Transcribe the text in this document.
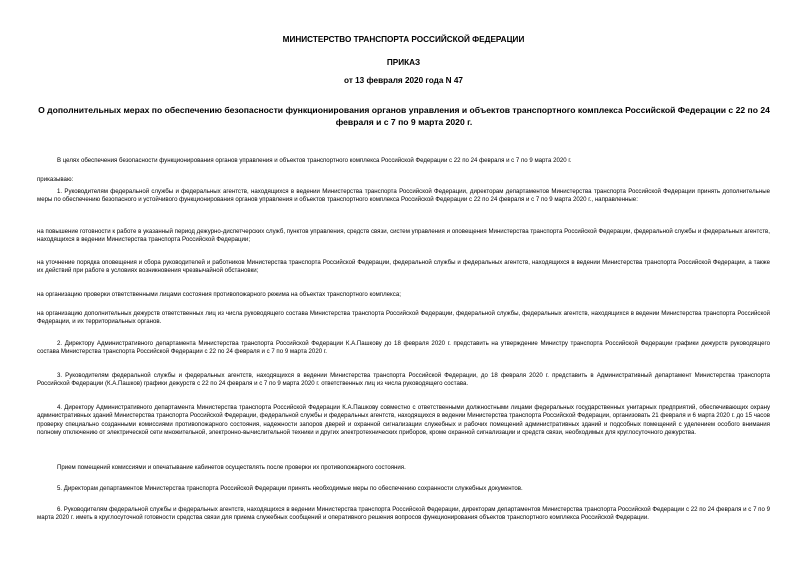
МИНИСТЕРСТВО ТРАНСПОРТА РОССИЙСКОЙ ФЕДЕРАЦИИ
ПРИКАЗ
от 13 февраля 2020 года N 47
О дополнительных мерах по обеспечению безопасности функционирования органов управления и объектов транспортного комплекса Российской Федерации с 22 по 24 февраля и с 7 по 9 марта 2020 г.
В целях обеспечения безопасности функционирования органов управления и объектов транспортного комплекса Российской Федерации с 22 по 24 февраля и с 7 по 9 марта 2020 г.
приказываю:
1. Руководителям федеральной службы и федеральных агентств, находящихся в ведении Министерства транспорта Российской Федерации, директорам департаментов Министерства транспорта Российской Федерации принять дополнительные меры по обеспечению безопасного и устойчивого функционирования органов управления и объектов транспортного комплекса Российской Федерации с 22 по 24 февраля и с 7 по 9 марта 2020 г., направленные:
на повышение готовности к работе в указанный период дежурно-диспетчерских служб, пунктов управления, средств связи, систем управления и оповещения Министерства транспорта Российской Федерации, федеральной службы и федеральных агентств, находящихся в ведении Министерства транспорта Российской Федерации;
на уточнение порядка оповещения и сбора руководителей и работников Министерства транспорта Российской Федерации, федеральной службы и федеральных агентств, находящихся в ведении Министерства транспорта Российской Федерации, а также их действий при работе в условиях возникновения чрезвычайной обстановки;
на организацию проверки ответственными лицами состояния противопожарного режима на объектах транспортного комплекса;
на организацию дополнительных дежурств ответственных лиц из числа руководящего состава Министерства транспорта Российской Федерации, федеральной службы, федеральных агентств, находящихся в ведении Министерства транспорта Российской Федерации, и их территориальных органов.
2. Директору Административного департамента Министерства транспорта Российской Федерации К.А.Пашкову до 18 февраля 2020 г. представить на утверждение Министру транспорта Российской Федерации графики дежурств руководящего состава Министерства транспорта Российской Федерации с 22 по 24 февраля и с 7 по 9 марта 2020 г.
3. Руководителям федеральной службы и федеральных агентств, находящихся в ведении Министерства транспорта Российской Федерации, до 18 февраля 2020 г. представить в Административный департамент Министерства транспорта Российской Федерации (К.А.Пашков) графики дежурств с 22 по 24 февраля и с 7 по 9 марта 2020 г. ответственных лиц из числа руководящего состава.
4. Директору Административного департамента Министерства транспорта Российской Федерации К.А.Пашкову совместно с ответственными должностными лицами федеральных государственных унитарных предприятий, обеспечивающих охрану административных зданий Министерства транспорта Российской Федерации, федеральной службы и федеральных агентств, находящихся в ведении Министерства транспорта Российской Федерации, организовать 21 февраля и 6 марта 2020 г. до 15 часов проверку специально созданными комиссиями противопожарного состояния, надежности запоров дверей и охранной сигнализации служебных и рабочих помещений административных зданий и подсобных помещений с уделением особого внимания полному отключению от электрической сети множительной, электронно-вычислительной техники и других электротехнических приборов, кроме охранной сигнализации и средств связи, необходимых для круглосуточного дежурства.
Прием помещений комиссиями и опечатывание кабинетов осуществлять после проверки их противопожарного состояния.
5. Директорам департаментов Министерства транспорта Российской Федерации принять необходимые меры по обеспечению сохранности служебных документов.
6. Руководителям федеральной службы и федеральных агентств, находящихся в ведении Министерства транспорта Российской Федерации, директорам департаментов Министерства транспорта Российской Федерации с 22 по 24 февраля и с 7 по 9 марта 2020 г. иметь в круглосуточной готовности средства связи для приема служебных сообщений и оперативного решения вопросов функционирования объектов транспортного комплекса Российской Федерации.
